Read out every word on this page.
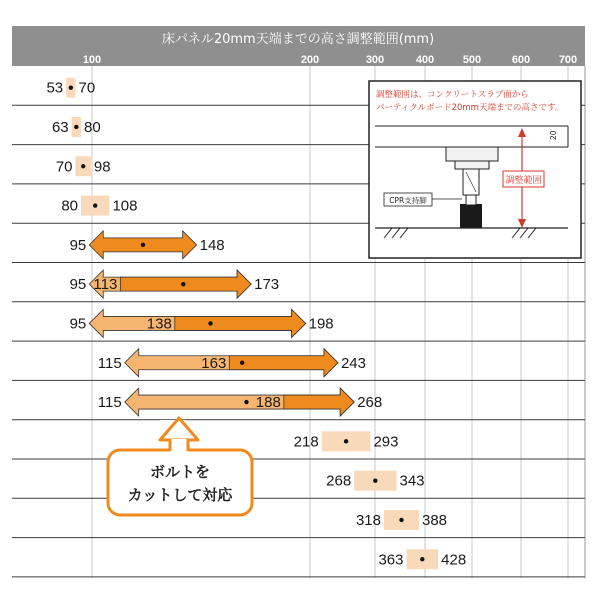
床パネル20mm天端までの高さ調整範囲(mm)
100	200	300	400	500	600	700
53 70
63 80
70 98
80 108
95	148
113
95	173
138
95	198
163
115	243
188
115	268
218	293
268	343
318	388
363	428
調整範囲は、コンクリートスラブ面から
パーティクルボード20mm天端までの高さです。
20
調整範囲
CPR支持脚
ボルトを
カットして対応
